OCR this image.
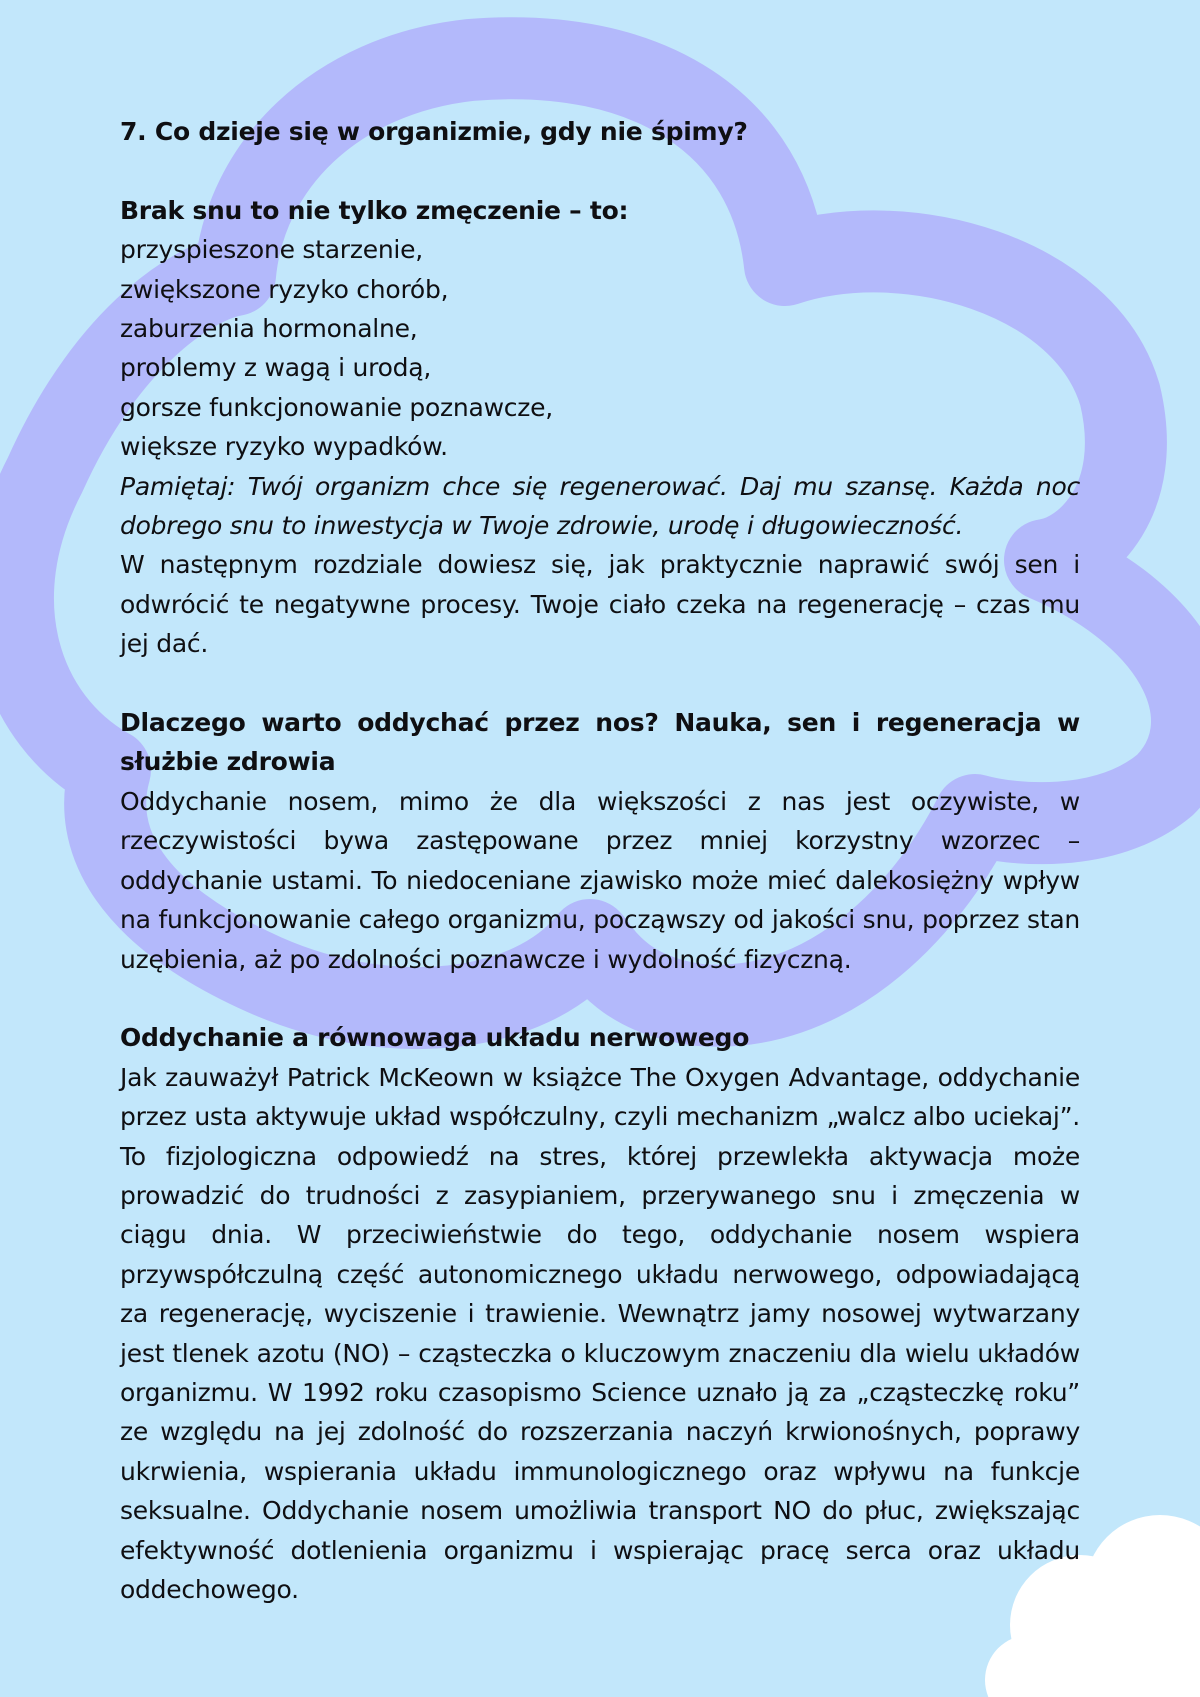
7. Co dzieje się w organizmie, gdy nie śpimy?

Brak snu to nie tylko zmęczenie – to:

przyspieszone starzenie,
zwiększone ryzyko chorób,
zaburzenia hormonalne,
problemy z wagą i urodą,
gorsze funkcjonowanie poznawcze,
większe ryzyko wypadków.

Pamiętaj: Twój organizm chce się regenerować. Daj mu szansę. Każda noc dobrego snu to inwestycja w Twoje zdrowie, urodę i długowieczność.

W następnym rozdziale dowiesz się, jak praktycznie naprawić swój sen i odwrócić te negatywne procesy. Twoje ciało czeka na regenerację – czas mu jej dać.

Dlaczego warto oddychać przez nos? Nauka, sen i regeneracja w służbie zdrowia

Oddychanie nosem, mimo że dla większości z nas jest oczywiste, w rzeczywistości bywa zastępowane przez mniej korzystny wzorzec – oddychanie ustami. To niedoceniane zjawisko może mieć dalekosiężny wpływ na funkcjonowanie całego organizmu, począwszy od jakości snu, poprzez stan uzębienia, aż po zdolności poznawcze i wydolność fizyczną.

Oddychanie a równowaga układu nerwowego

Jak zauważył Patrick McKeown w książce The Oxygen Advantage, oddychanie przez usta aktywuje układ współczulny, czyli mechanizm „walcz albo uciekaj”. To fizjologiczna odpowiedź na stres, której przewlekła aktywacja może prowadzić do trudności z zasypianiem, przerywanego snu i zmęczenia w ciągu dnia. W przeciwieństwie do tego, oddychanie nosem wspiera przywspółczulną część autonomicznego układu nerwowego, odpowiadającą za regenerację, wyciszenie i trawienie. Wewnątrz jamy nosowej wytwarzany jest tlenek azotu (NO) – cząsteczka o kluczowym znaczeniu dla wielu układów organizmu. W 1992 roku czasopismo Science uznało ją za „cząsteczkę roku” ze względu na jej zdolność do rozszerzania naczyń krwionośnych, poprawy ukrwienia, wspierania układu immunologicznego oraz wpływu na funkcje seksualne. Oddychanie nosem umożliwia transport NO do płuc, zwiększając efektywność dotlenienia organizmu i wspierając pracę serca oraz układu oddechowego.
